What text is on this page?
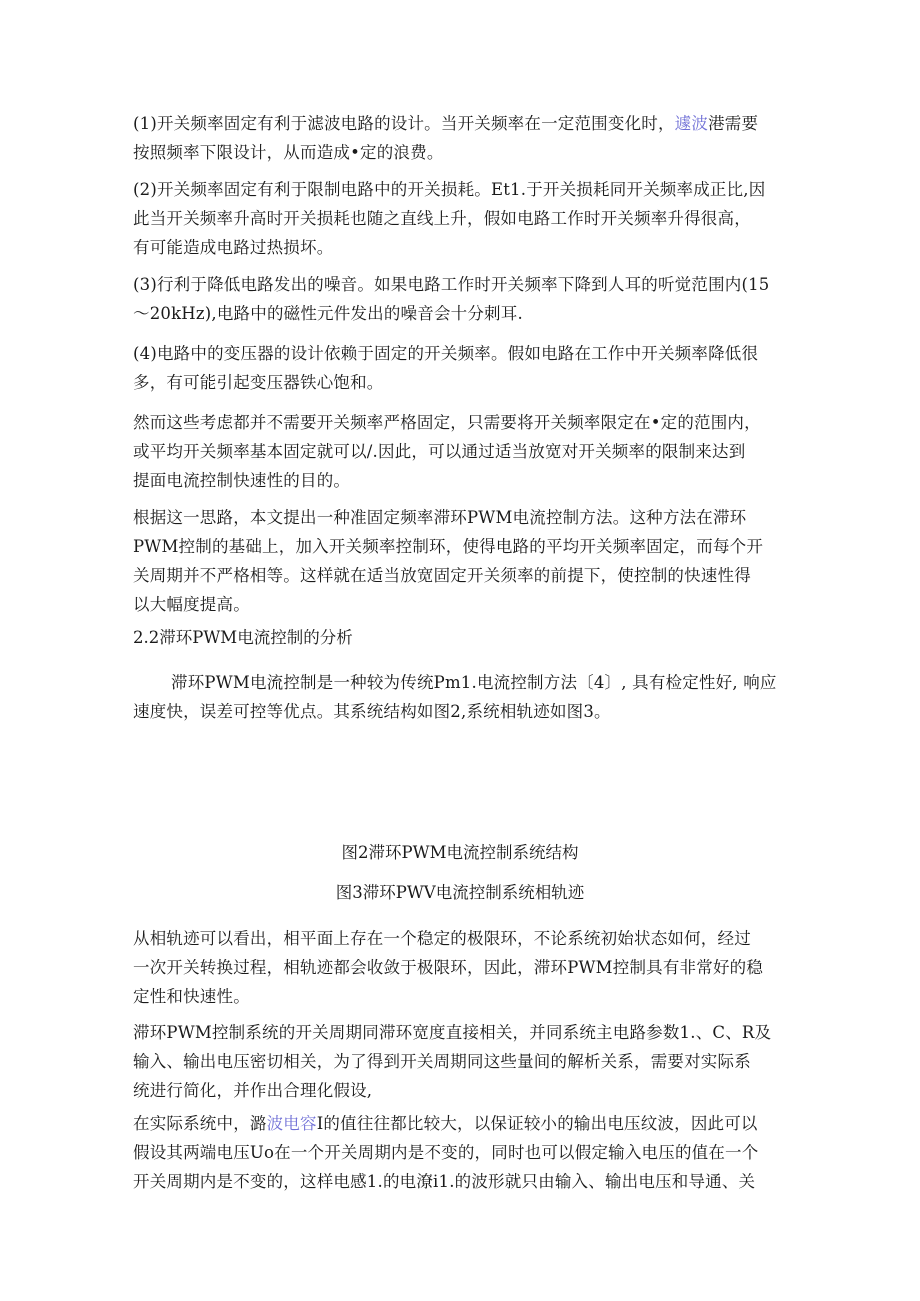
(1)开关频率固定有利于滤波电路的设计。当开关频率在一定范围变化时，遽波港需要
按照频率下限设计，从而造成•定的浪费。

(2)开关频率固定有利于限制电路中的开关损耗。Et1.于开关损耗同开关频率成正比,因
此当开关频率升高时开关损耗也随之直线上升，假如电路工作时开关频率升得很高，
有可能造成电路过热损坏。

(3)行利于降低电路发出的噪音。如果电路工作时开关频率下降到人耳的听觉范围内(15
～20kHz),电路中的磁性元件发出的噪音会十分刺耳.

(4)电路中的变压器的设计依赖于固定的开关频率。假如电路在工作中开关频率降低很
多，有可能引起变压器铁心饱和。

然而这些考虑都并不需要开关频率严格固定，只需要将开关频率限定在•定的范围内，
或平均开关频率基本固定就可以/.因此，可以通过适当放宽对开关频率的限制来达到
提面电流控制快速性的目的。

根据这一思路，本文提出一种准固定频率滞环PWM电流控制方法。这种方法在滞环
PWM控制的基础上，加入开关频率控制环，使得电路的平均开关频率固定，而每个开
关周期并不严格相等。这样就在适当放宽固定开关须率的前提下，使控制的快速性得
以大幅度提高。

2.2滞环PWM电流控制的分析

滞环PWM电流控制是一种较为传统Pm1.电流控制方法〔4〕, 具有检定性好, 响应
速度快，误差可控等优点。其系统结构如图2,系统相轨迹如图3。

图2滞环PWM电流控制系统结构

图3滞环PWV电流控制系统相轨迹

从相轨迹可以看出，相平面上存在一个稳定的极限环，不论系统初始状态如何，经过
一次开关转换过程，相轨迹都会收敛于极限环，因此，滞环PWM控制具有非常好的稳
定性和快速性。

滞环PWM控制系统的开关周期同滞环宽度直接相关，并同系统主电路参数1.、C、R及
输入、输出电压密切相关，为了得到开关周期同这些量间的解析关系，需要对实际系
统进行简化，并作出合理化假设,

在实际系统中，潞波电容I的值往往都比较大，以保证较小的输出电压纹波，因此可以
假设其两端电压Uo在一个开关周期内是不变的，同时也可以假定输入电压的值在一个
开关周期内是不变的，这样电感1.的电潦i1.的波形就只由输入、输出电压和导通、关
